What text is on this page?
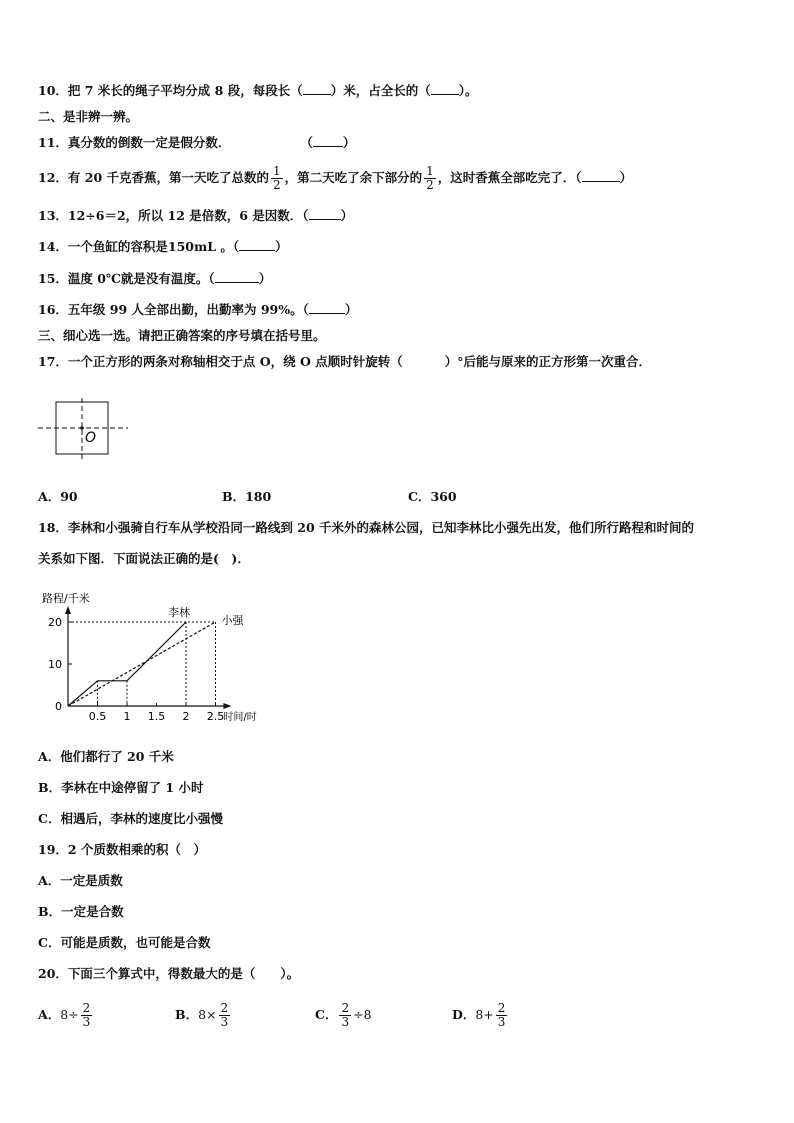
10．把 7 米长的绳子平均分成 8 段，每段长（ ）米，占全长的（ ）。
二、是非辨一辨。
11．真分数的倒数一定是假分数．	（ ）
12．有 20 千克香蕉，第一天吃了总数的 $\frac{1}{2}$ ，第二天吃了余下部分的 $\frac{1}{2}$ ，这时香蕉全部吃完了．（	）
13．12÷6＝2，所以 12 是倍数，6 是因数．（	）
14．一个鱼缸的容积是150mL 。（	）
15．温度 0℃就是没有温度。（	）
16．五年级 99 人全部出勤，出勤率为 99%。（	）
三、细心选一选。请把正确答案的序号填在括号里。
17．一个正方形的两条对称轴相交于点 O，绕 O 点顺时针旋转（	）°后能与原来的正方形第一次重合．
O
A．90	B．180	C．360
18．李林和小强骑自行车从学校沿同一路线到 20 千米外的森林公园，已知李林比小强先出发，他们所行路程和时间的
关系如下图．下面说法正确的是(　)．
路程/千米
时间/时
0
10
20
0.5 1 1.5 2 2.5
李林
小强
A．他们都行了 20 千米
B．李林在中途停留了 1 小时
C．相遇后，李林的速度比小强慢
19．2 个质数相乘的积（　）
A．一定是质数
B．一定是合数
C．可能是质数，也可能是合数
20．下面三个算式中，得数最大的是（　　）。
A．$8\div \frac{2}{3}$	B．$8\times \frac{2}{3}$	C． $\frac{2}{3} \div 8$	D．$8+ \frac{2}{3}$
